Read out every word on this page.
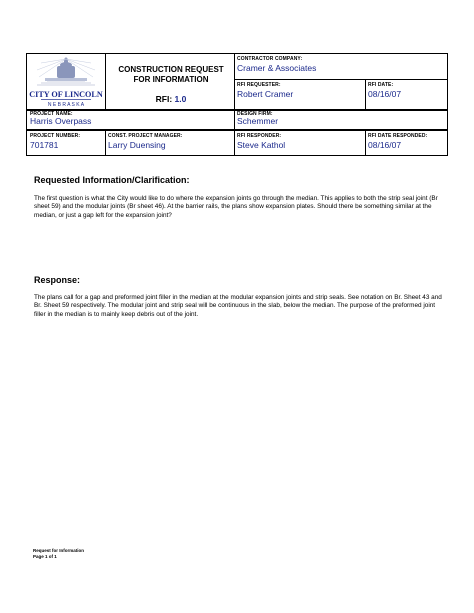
CITY OF LINCOLN
N E B R A S K A
CONSTRUCTION REQUEST
FOR INFORMATION
RFI: 1.0
CONTRACTOR COMPANY:
Cramer & Associates
RFI REQUESTER:
Robert Cramer
RFI DATE:
08/16/07
PROJECT NAME:
Harris Overpass
DESIGN FIRM:
Schemmer
PROJECT NUMBER:
701781
CONST. PROJECT MANAGER:
Larry Duensing
RFI RESPONDER:
Steve Kathol
RFI DATE RESPONDED:
08/16/07
Requested Information/Clarification:
The first question is what the City would like to do where the expansion joints go through the median. This applies to both the strip seal joint (Br sheet 59) and the modular joints (Br sheet 46). At the barrier rails, the plans show expansion plates. Should there be something similar at the median, or just a gap left for the expansion joint?
Response:
The plans call for a gap and preformed joint filler in the median at the modular expansion joints and strip seals. See notation on Br. Sheet 43 and Br. Sheet 59 respectively. The modular joint and strip seal will be continuous in the slab, below the median. The purpose of the preformed joint filler in the median is to mainly keep debris out of the joint.
Request for Information
Page 1 of 1
